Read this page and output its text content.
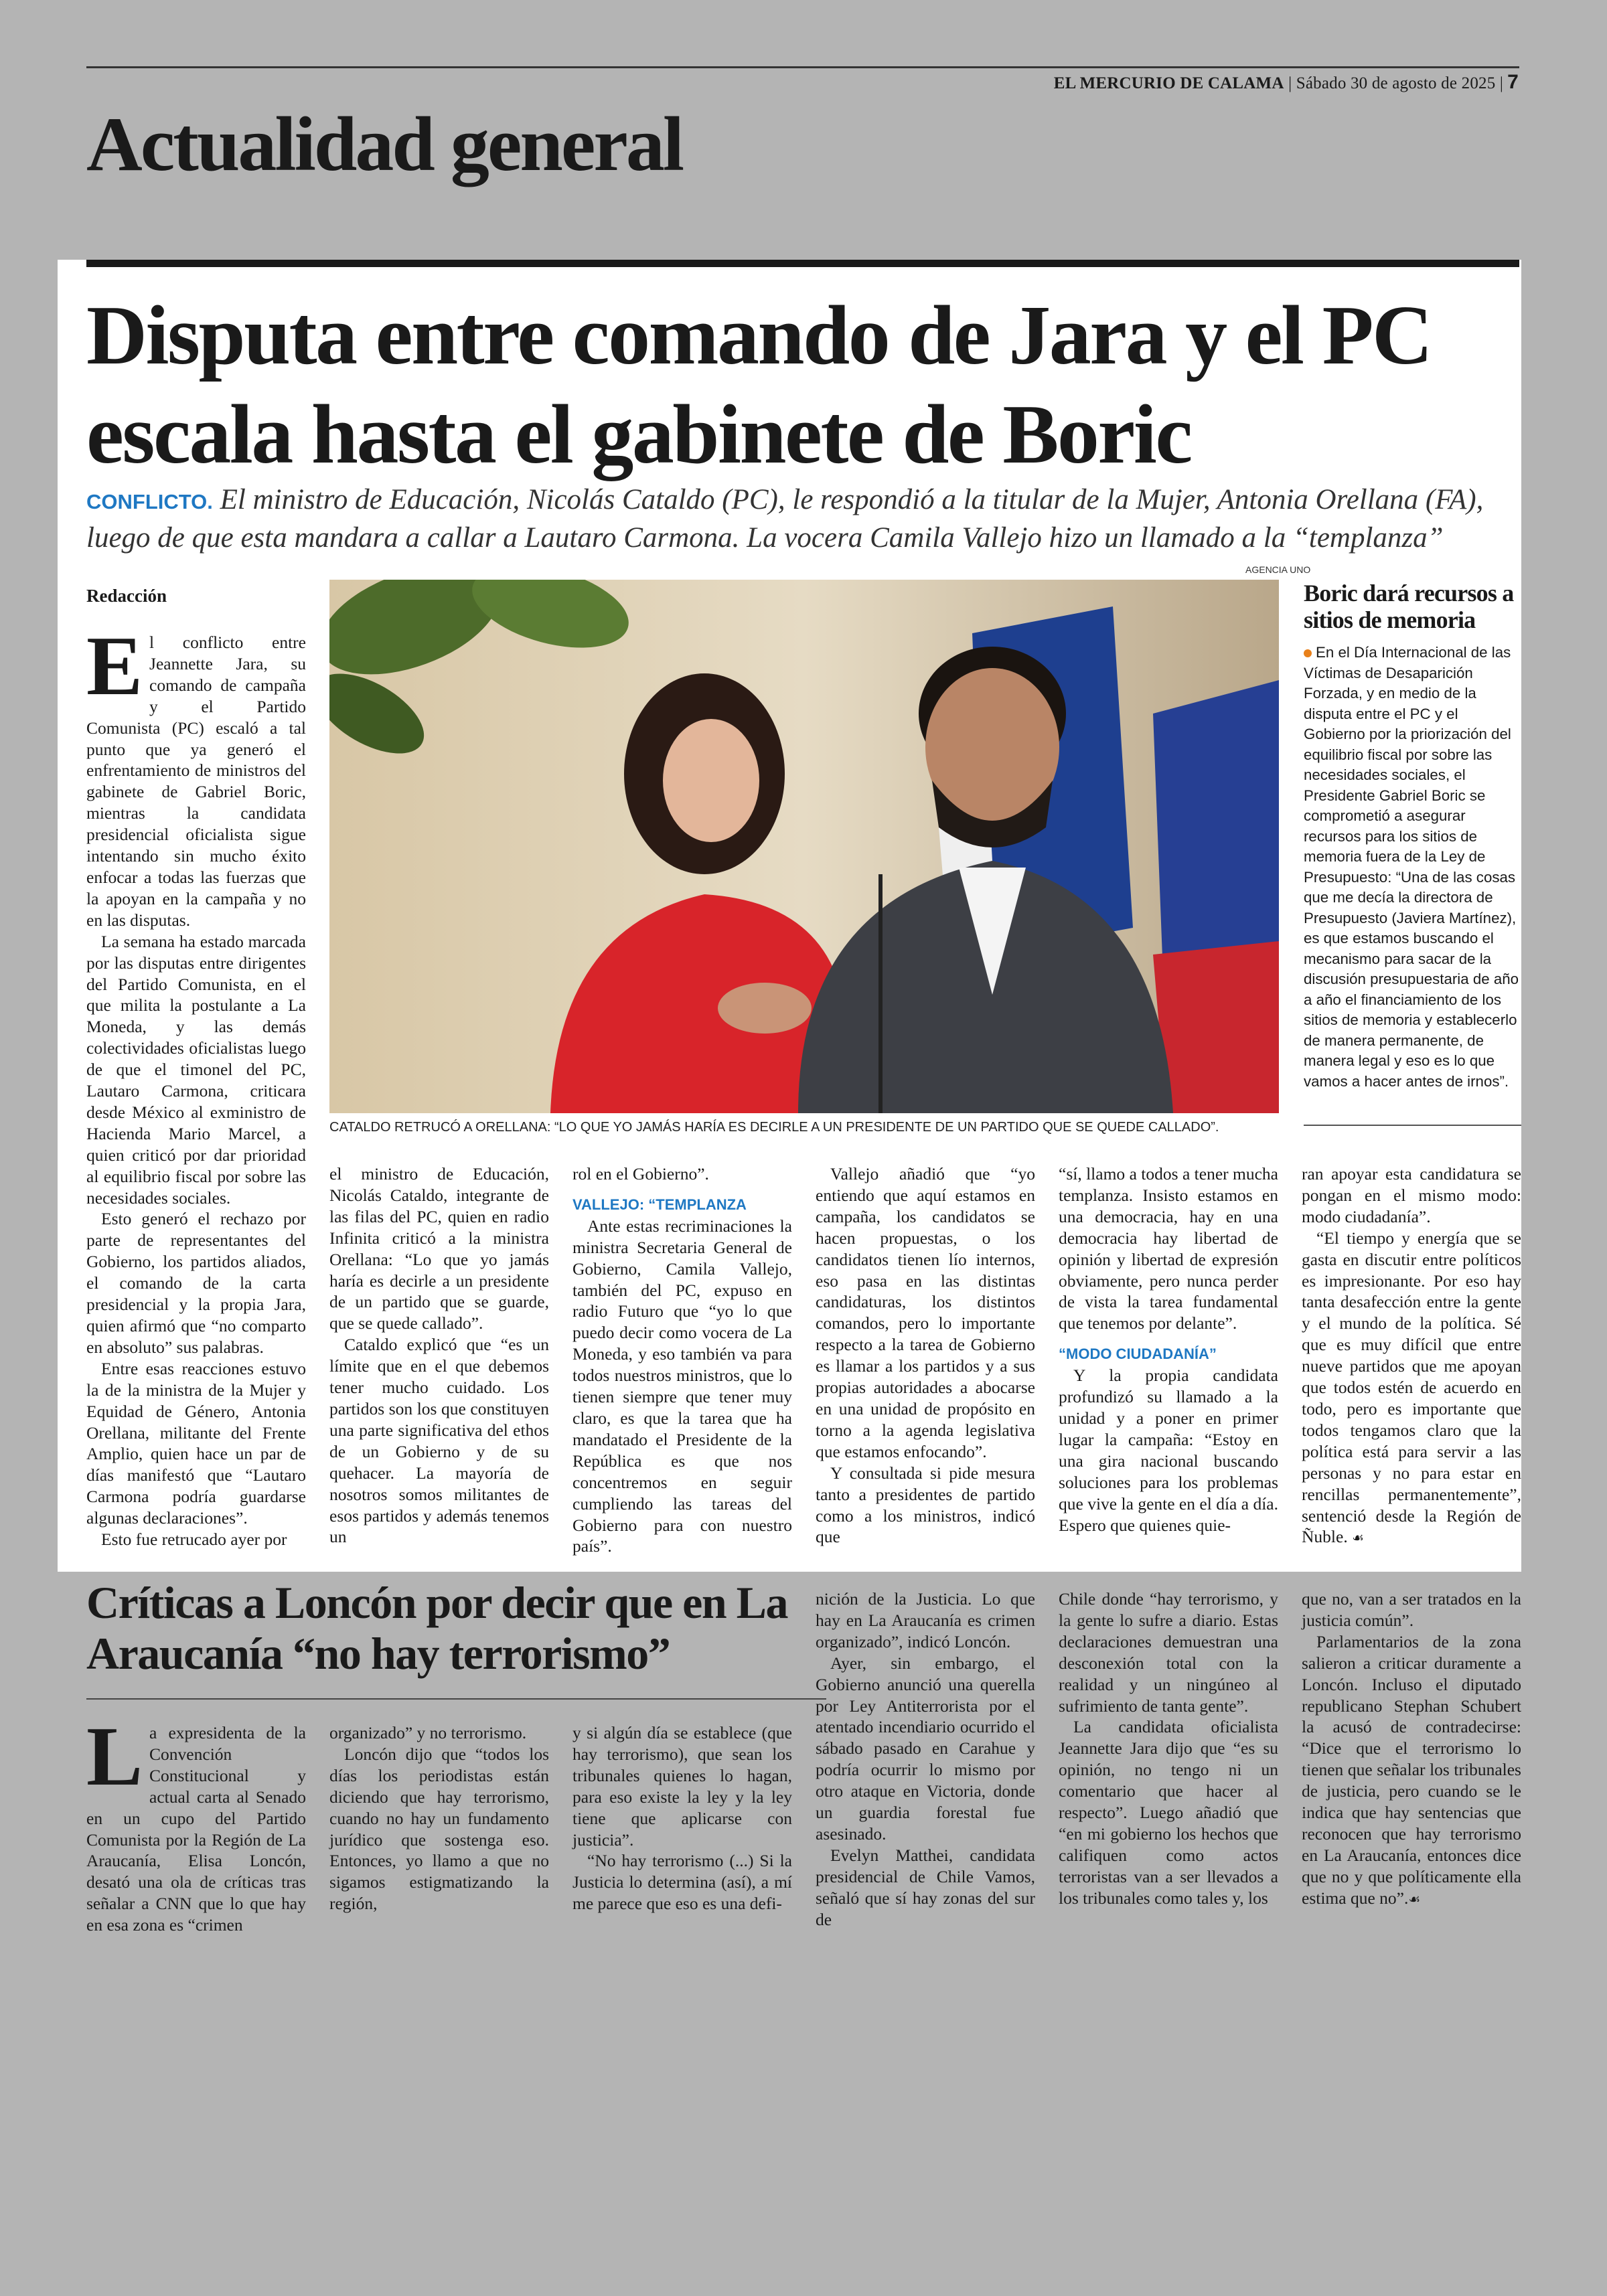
EL MERCURIO DE CALAMA | Sábado 30 de agosto de 2025 | 7
Actualidad general
Disputa entre comando de Jara y el PC escala hasta el gabinete de Boric
CONFLICTO. El ministro de Educación, Nicolás Cataldo (PC), le respondió a la titular de la Mujer, Antonia Orellana (FA), luego de que esta mandara a callar a Lautaro Carmona. La vocera Camila Vallejo hizo un llamado a la “templanza”
Redacción

El conflicto entre Jeannette Jara, su comando de campaña y el Partido Comunista (PC) escaló a tal punto que ya generó el enfrentamiento de ministros del gabinete de Gabriel Boric, mientras la candidata presidencial oficialista sigue intentando sin mucho éxito enfocar a todas las fuerzas que la apoyan en la campaña y no en las disputas.

La semana ha estado marcada por las disputas entre dirigentes del Partido Comunista, en el que milita la postulante a La Moneda, y las demás colectividades oficialistas luego de que el timonel del PC, Lautaro Carmona, criticara desde México al exministro de Hacienda Mario Marcel, a quien criticó por dar prioridad al equilibrio fiscal por sobre las necesidades sociales.

Esto generó el rechazo por parte de representantes del Gobierno, los partidos aliados, el comando de la carta presidencial y la propia Jara, quien afirmó que “no comparto en absoluto” sus palabras.

Entre esas reacciones estuvo la de la ministra de la Mujer y Equidad de Género, Antonia Orellana, militante del Frente Amplio, quien hace un par de días manifestó que “Lautaro Carmona podría guardarse algunas declaraciones”.

Esto fue retrucado ayer por

AGENCIA UNO
CATALDO RETRUCÓ A ORELLANA: “LO QUE YO JAMÁS HARÍA ES DECIRLE A UN PRESIDENTE DE UN PARTIDO QUE SE QUEDE CALLADO”.
Boric dará recursos a sitios de memoria
En el Día Internacional de las Víctimas de Desaparición Forzada, y en medio de la disputa entre el PC y el Gobierno por la priorización del equilibrio fiscal por sobre las necesidades sociales, el Presidente Gabriel Boric se comprometió a asegurar recursos para los sitios de memoria fuera de la Ley de Presupuesto: “Una de las cosas que me decía la directora de Presupuesto (Javiera Martínez), es que estamos buscando el mecanismo para sacar de la discusión presupuestaria de año a año el financiamiento de los sitios de memoria y establecerlo de manera permanente, de manera legal y eso es lo que vamos a hacer antes de irnos”.

el ministro de Educación, Nicolás Cataldo, integrante de las filas del PC, quien en radio Infinita criticó a la ministra Orellana: “Lo que yo jamás haría es decirle a un presidente de un partido que se guarde, que se quede callado”.

Cataldo explicó que “es un límite que en el que debemos tener mucho cuidado. Los partidos son los que constituyen una parte significativa del ethos de un Gobierno y de su quehacer. La mayoría de nosotros somos militantes de esos partidos y además tenemos un

rol en el Gobierno”.

VALLEJO: “TEMPLANZA

Ante estas recriminaciones la ministra Secretaria General de Gobierno, Camila Vallejo, también del PC, expuso en radio Futuro que “yo lo que puedo decir como vocera de La Moneda, y eso también va para todos nuestros ministros, que lo tienen siempre que tener muy claro, es que la tarea que ha mandatado el Presidente de la República es que nos concentremos en seguir cumpliendo las tareas del Gobierno para con nuestro país”.

Vallejo añadió que “yo entiendo que aquí estamos en campaña, los candidatos se hacen propuestas, o los candidatos tienen lío internos, eso pasa en las distintas candidaturas, los distintos comandos, pero lo importante respecto a la tarea de Gobierno es llamar a los partidos y a sus propias autoridades a abocarse en una unidad de propósito en torno a la agenda legislativa que estamos enfocando”.

Y consultada si pide mesura tanto a presidentes de partido como a los ministros, indicó que

“sí, llamo a todos a tener mucha templanza. Insisto estamos en una democracia, hay en una democracia hay libertad de opinión y libertad de expresión obviamente, pero nunca perder de vista la tarea fundamental que tenemos por delante”.

“MODO CIUDADANÍA”

Y la propia candidata profundizó su llamado a la unidad y a poner en primer lugar la campaña: “Estoy en una gira nacional buscando soluciones para los problemas que vive la gente en el día a día. Espero que quienes quie-

ran apoyar esta candidatura se pongan en el mismo modo: modo ciudadanía”.

“El tiempo y energía que se gasta en discutir entre políticos es impresionante. Por eso hay tanta desafección entre la gente y el mundo de la política. Sé que es muy difícil que entre nueve partidos que me apoyan que todos estén de acuerdo en todo, pero es importante que todos tengamos claro que la política está para servir a las personas y no para estar en rencillas permanentemente”, sentenció desde la Región de Ñuble. ☙

Críticas a Loncón por decir que en La Araucanía “no hay terrorismo”

La expresidenta de la Convención Constitucional y actual carta al Senado en un cupo del Partido Comunista por la Región de La Araucanía, Elisa Loncón, desató una ola de críticas tras señalar a CNN que lo que hay en esa zona es “crimen

organizado” y no terrorismo.

Loncón dijo que “todos los días los periodistas están diciendo que hay terrorismo, cuando no hay un fundamento jurídico que sostenga eso. Entonces, yo llamo a que no sigamos estigmatizando la región,

y si algún día se establece (que hay terrorismo), que sean los tribunales quienes lo hagan, para eso existe la ley y la ley tiene que aplicarse con justicia”.

“No hay terrorismo (...) Si la Justicia lo determina (así), a mí me parece que eso es una defi-

nición de la Justicia. Lo que hay en La Araucanía es crimen organizado”, indicó Loncón.

Ayer, sin embargo, el Gobierno anunció una querella por Ley Antiterrorista por el atentado incendiario ocurrido el sábado pasado en Carahue y podría ocurrir lo mismo por otro ataque en Victoria, donde un guardia forestal fue asesinado.

Evelyn Matthei, candidata presidencial de Chile Vamos, señaló que sí hay zonas del sur de

Chile donde “hay terrorismo, y la gente lo sufre a diario. Estas declaraciones demuestran una desconexión total con la realidad y un ningúneo al sufrimiento de tanta gente”.

La candidata oficialista Jeannette Jara dijo que “es su opinión, no tengo ni un comentario que hacer al respecto”. Luego añadió que “en mi gobierno los hechos que califiquen como actos terroristas van a ser llevados a los tribunales como tales y, los

que no, van a ser tratados en la justicia común”.

Parlamentarios de la zona salieron a criticar duramente a Loncón. Incluso el diputado republicano Stephan Schubert la acusó de contradecirse: “Dice que el terrorismo lo tienen que señalar los tribunales de justicia, pero cuando se le indica que hay sentencias que reconocen que hay terrorismo en La Araucanía, entonces dice que no y que políticamente ella estima que no”.☙
